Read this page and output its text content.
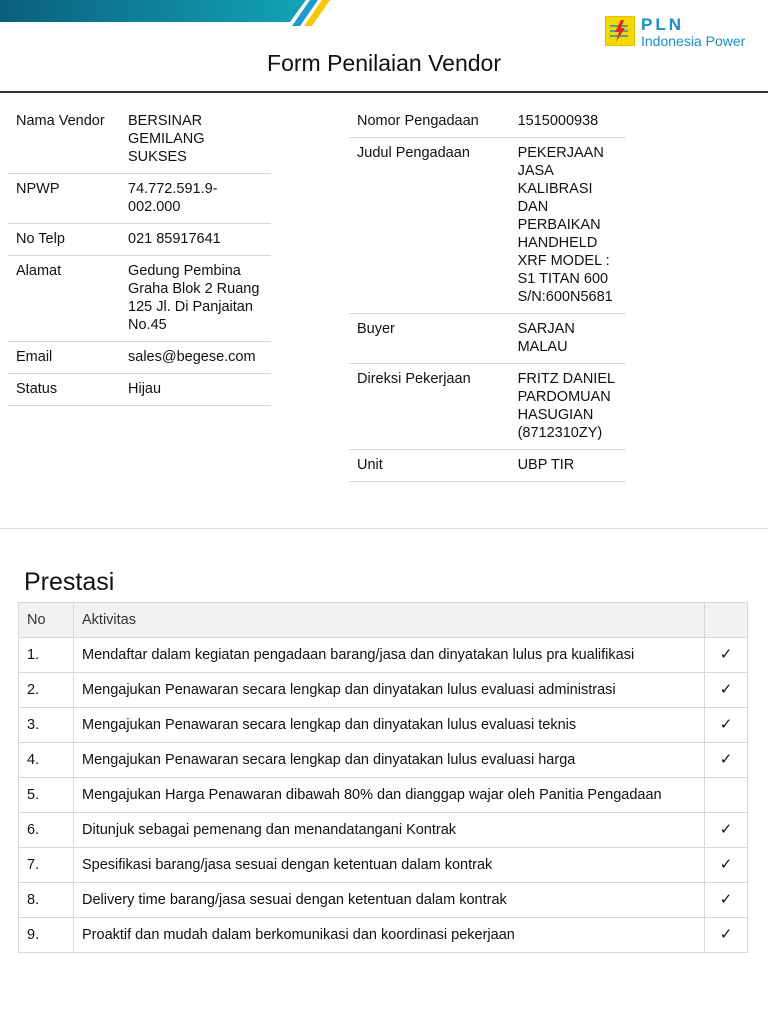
PLN
Indonesia Power
Form Penilaian Vendor
Nama Vendor	BERSINAR GEMILANG SUKSES
NPWP	74.772.591.9-002.000
No Telp	021 85917641
Alamat	Gedung Pembina Graha Blok 2 Ruang 125 Jl. Di Panjaitan No.45
Email	sales@begese.com
Status	Hijau
Nomor Pengadaan	1515000938
Judul Pengadaan	PEKERJAAN JASA KALIBRASI DAN PERBAIKAN HANDHELD XRF MODEL : S1 TITAN 600 S/N:600N5681
Buyer	SARJAN MALAU
Direksi Pekerjaan	FRITZ DANIEL PARDOMUAN HASUGIAN (8712310ZY)
Unit	UBP TIR
Prestasi
No	Aktivitas	
1.	Mendaftar dalam kegiatan pengadaan barang/jasa dan dinyatakan lulus pra kualifikasi	✓
2.	Mengajukan Penawaran secara lengkap dan dinyatakan lulus evaluasi administrasi	✓
3.	Mengajukan Penawaran secara lengkap dan dinyatakan lulus evaluasi teknis	✓
4.	Mengajukan Penawaran secara lengkap dan dinyatakan lulus evaluasi harga	✓
5.	Mengajukan Harga Penawaran dibawah 80% dan dianggap wajar oleh Panitia Pengadaan	
6.	Ditunjuk sebagai pemenang dan menandatangani Kontrak	✓
7.	Spesifikasi barang/jasa sesuai dengan ketentuan dalam kontrak	✓
8.	Delivery time barang/jasa sesuai dengan ketentuan dalam kontrak	✓
9.	Proaktif dan mudah dalam berkomunikasi dan koordinasi pekerjaan	✓
